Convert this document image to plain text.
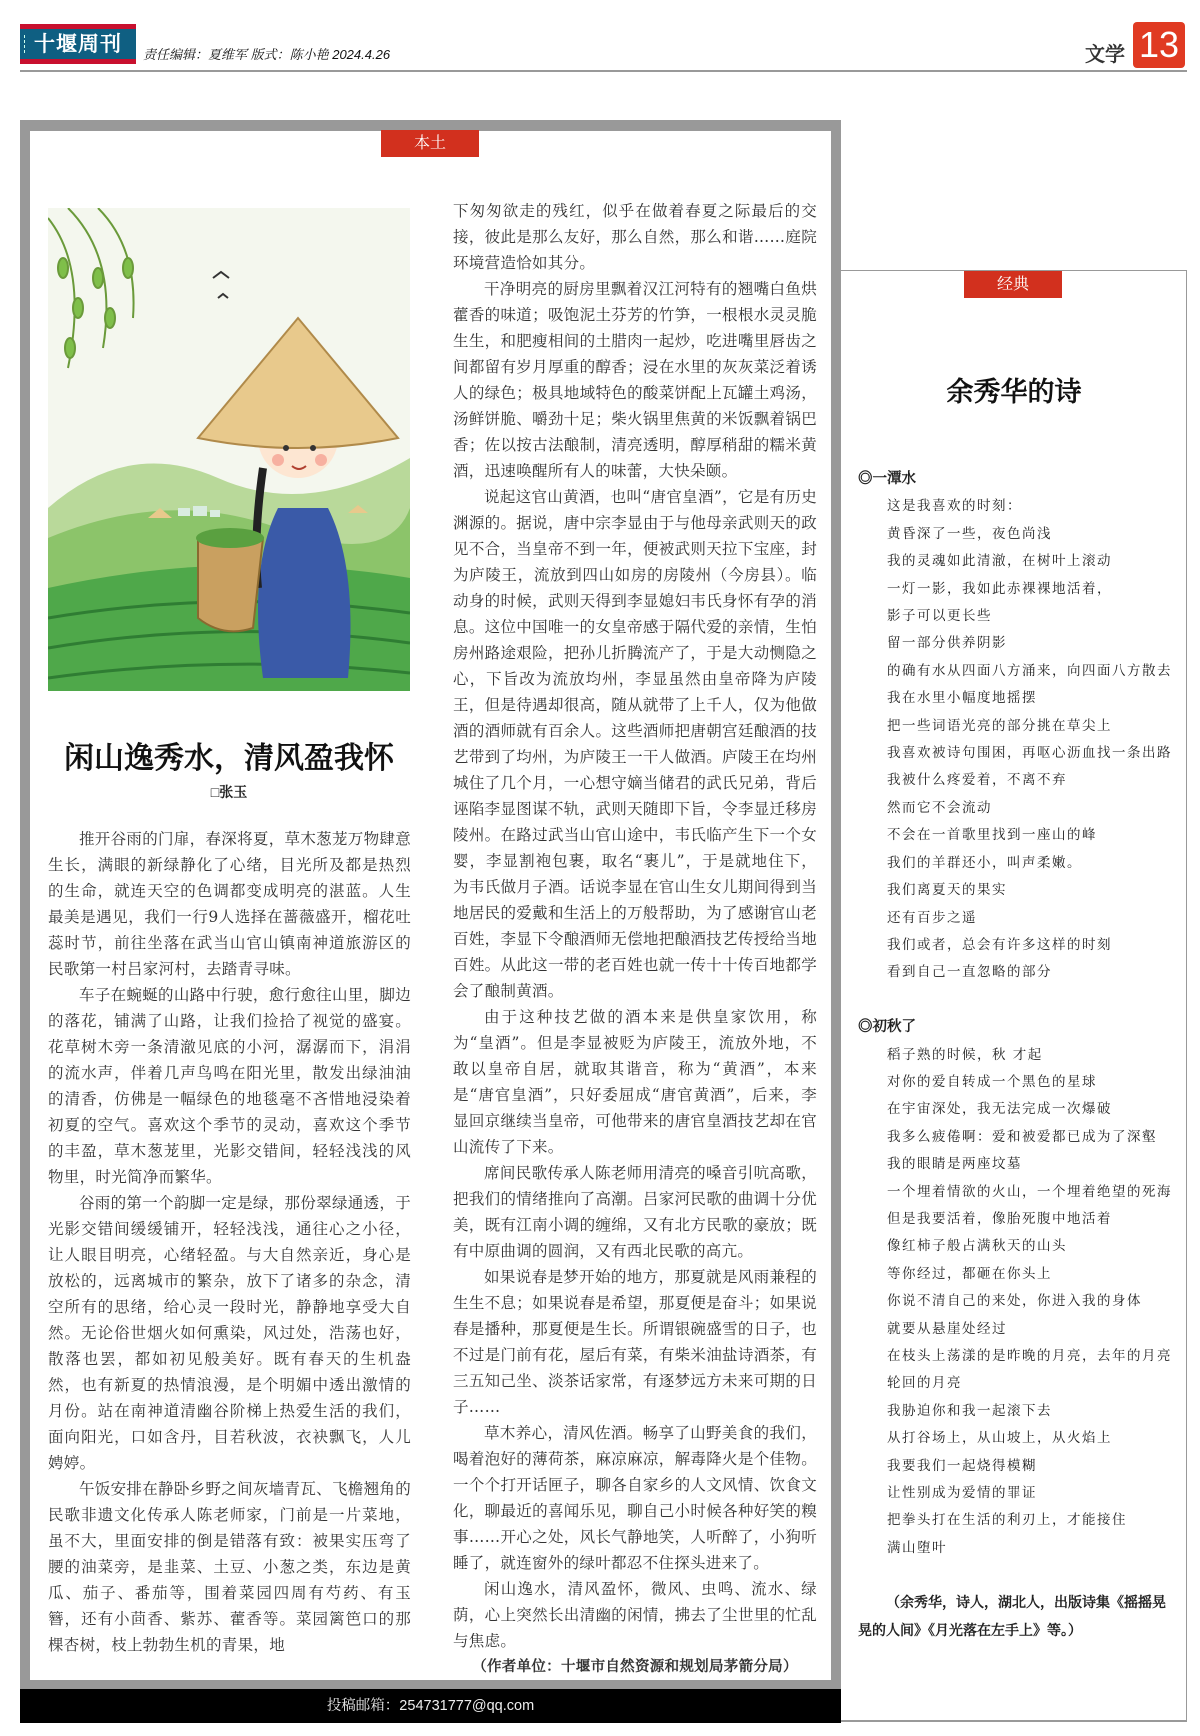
十堰周刊	责任编辑：夏维军 版式：陈小艳 2024.4.26	文学 13
本土
闲山逸秀水，清风盈我怀
□张玉

推开谷雨的门扉，春深将夏，草木葱茏万物肆意生长，满眼的新绿静化了心绪，目光所及都是热烈的生命，就连天空的色调都变成明亮的湛蓝。人生最美是遇见，我们一行9人选择在蔷薇盛开，榴花吐蕊时节，前往坐落在武当山官山镇南神道旅游区的民歌第一村吕家河村，去踏青寻味。

车子在蜿蜒的山路中行驶，愈行愈往山里，脚边的落花，铺满了山路，让我们捡拾了视觉的盛宴。花草树木旁一条清澈见底的小河，潺潺而下，涓涓的流水声，伴着几声鸟鸣在阳光里，散发出绿油油的清香，仿佛是一幅绿色的地毯毫不吝惜地浸染着初夏的空气。喜欢这个季节的灵动，喜欢这个季节的丰盈，草木葱茏里，光影交错间，轻轻浅浅的风物里，时光简净而繁华。

谷雨的第一个韵脚一定是绿，那份翠绿通透，于光影交错间缓缓铺开，轻轻浅浅，通往心之小径，让人眼目明亮，心绪轻盈。与大自然亲近，身心是放松的，远离城市的繁杂，放下了诸多的杂念，清空所有的思绪，给心灵一段时光，静静地享受大自然。无论俗世烟火如何熏染，风过处，浩荡也好，散落也罢，都如初见般美好。既有春天的生机盎然，也有新夏的热情浪漫，是个明媚中透出激情的月份。站在南神道清幽谷阶梯上热爱生活的我们，面向阳光，口如含丹，目若秋波，衣袂飘飞，人儿娉婷。

午饭安排在静卧乡野之间灰墙青瓦、飞檐翘角的民歌非遗文化传承人陈老师家，门前是一片菜地，虽不大，里面安排的倒是错落有致：被果实压弯了腰的油菜旁，是韭菜、土豆、小葱之类，东边是黄瓜、茄子、番茄等，围着菜园四周有芍药、有玉簪，还有小茴香、紫苏、藿香等。菜园篱笆口的那棵杏树，枝上勃勃生机的青果，地

下匆匆欲走的残红，似乎在做着春夏之际最后的交接，彼此是那么友好，那么自然，那么和谐……庭院环境营造恰如其分。

干净明亮的厨房里飘着汉江河特有的翘嘴白鱼烘藿香的味道；吸饱泥土芬芳的竹笋，一根根水灵灵脆生生，和肥瘦相间的土腊肉一起炒，吃进嘴里唇齿之间都留有岁月厚重的醇香；浸在水里的灰灰菜泛着诱人的绿色；极具地域特色的酸菜饼配上瓦罐土鸡汤，汤鲜饼脆、嚼劲十足；柴火锅里焦黄的米饭飘着锅巴香；佐以按古法酿制，清亮透明，醇厚稍甜的糯米黄酒，迅速唤醒所有人的味蕾，大快朵颐。

说起这官山黄酒，也叫“唐官皇酒”，它是有历史渊源的。据说，唐中宗李显由于与他母亲武则天的政见不合，当皇帝不到一年，便被武则天拉下宝座，封为庐陵王，流放到四山如房的房陵州（今房县）。临动身的时候，武则天得到李显媳妇韦氏身怀有孕的消息。这位中国唯一的女皇帝感于隔代爱的亲情，生怕房州路途艰险，把孙儿折腾流产了，于是大动恻隐之心，下旨改为流放均州，李显虽然由皇帝降为庐陵王，但是待遇却很高，随从就带了上千人，仅为他做酒的酒师就有百余人。这些酒师把唐朝宫廷酿酒的技艺带到了均州，为庐陵王一干人做酒。庐陵王在均州城住了几个月，一心想守嫡当储君的武氏兄弟，背后诬陷李显图谋不轨，武则天随即下旨，令李显迁移房陵州。在路过武当山官山途中，韦氏临产生下一个女婴，李显割袍包裹，取名“裹儿”，于是就地住下，为韦氏做月子酒。话说李显在官山生女儿期间得到当地居民的爱戴和生活上的万般帮助，为了感谢官山老百姓，李显下令酿酒师无偿地把酿酒技艺传授给当地百姓。从此这一带的老百姓也就一传十十传百地都学会了酿制黄酒。

由于这种技艺做的酒本来是供皇家饮用，称为“皇酒”。但是李显被贬为庐陵王，流放外地，不敢以皇帝自居，就取其谐音，称为“黄酒”，本来是“唐官皇酒”，只好委屈成“唐官黄酒”，后来，李显回京继续当皇帝，可他带来的唐官皇酒技艺却在官山流传了下来。

席间民歌传承人陈老师用清亮的嗓音引吭高歌，把我们的情绪推向了高潮。吕家河民歌的曲调十分优美，既有江南小调的缠绵，又有北方民歌的豪放；既有中原曲调的圆润，又有西北民歌的高亢。

如果说春是梦开始的地方，那夏就是风雨兼程的生生不息；如果说春是希望，那夏便是奋斗；如果说春是播种，那夏便是生长。所谓银碗盛雪的日子，也不过是门前有花，屋后有菜，有柴米油盐诗酒茶，有三五知己坐、淡茶话家常，有逐梦远方未来可期的日子……

草木养心，清风佐酒。畅享了山野美食的我们，喝着泡好的薄荷茶，麻凉麻凉，解毒降火是个佳物。一个个打开话匣子，聊各自家乡的人文风情、饮食文化，聊最近的喜闻乐见，聊自己小时候各种好笑的糗事……开心之处，风长气静地笑，人听醉了，小狗听睡了，就连窗外的绿叶都忍不住探头进来了。

闲山逸水，清风盈怀，微风、虫鸣、流水、绿荫，心上突然长出清幽的闲情，拂去了尘世里的忙乱与焦虑。

（作者单位：十堰市自然资源和规划局茅箭分局）

投稿邮箱：254731777@qq.com
经典
余秀华的诗
◎一潭水
这是我喜欢的时刻：
黄昏深了一些，夜色尚浅
我的灵魂如此清澈，在树叶上滚动
一灯一影，我如此赤裸裸地活着，
影子可以更长些
留一部分供养阴影
的确有水从四面八方涌来，向四面八方散去
我在水里小幅度地摇摆
把一些词语光亮的部分挑在草尖上
我喜欢被诗句围困，再呕心沥血找一条出路
我被什么疼爱着，不离不弃
然而它不会流动
不会在一首歌里找到一座山的峰
我们的羊群还小，叫声柔嫩。
我们离夏天的果实
还有百步之遥
我们或者，总会有许多这样的时刻
看到自己一直忽略的部分
◎初秋了
稻子熟的时候，秋 才起
对你的爱自转成一个黑色的星球
在宇宙深处，我无法完成一次爆破
我多么疲倦啊：爱和被爱都已成为了深壑
我的眼睛是两座坟墓
一个埋着情欲的火山，一个埋着绝望的死海
但是我要活着，像胎死腹中地活着
像红柿子般占满秋天的山头
等你经过，都砸在你头上
你说不清自己的来处，你进入我的身体
就要从悬崖处经过
在枝头上荡漾的是昨晚的月亮，去年的月亮
轮回的月亮
我胁迫你和我一起滚下去
从打谷场上，从山坡上，从火焰上
我要我们一起烧得模糊
让性别成为爱情的罪证
把拳头打在生活的利刃上，才能接住
满山堕叶
（余秀华，诗人，湖北人，出版诗集《摇摇晃晃的人间》《月光落在左手上》等。）
